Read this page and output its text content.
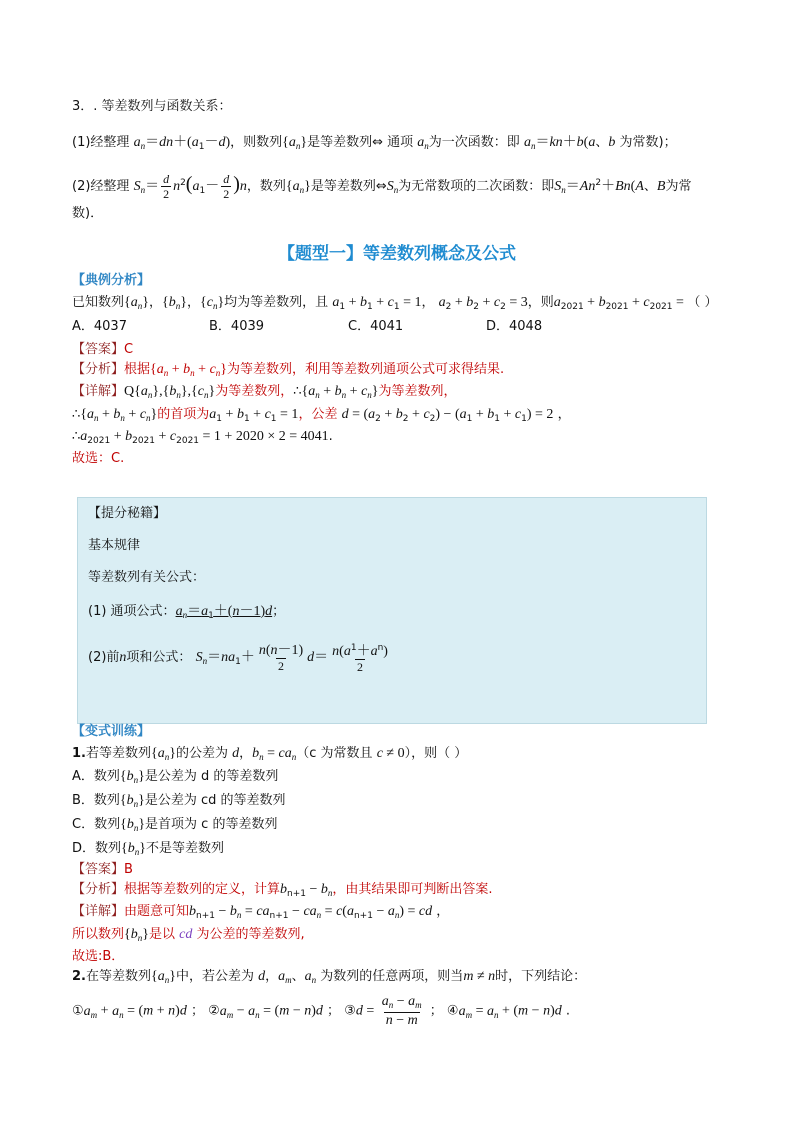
3．. 等差数列与函数关系：
(1)经整理 $a_n=dn+(a_1-d)$，则数列$\{a_n\}$是等差数列⇔ 通项 $a_n$为一次函数：即 $a_n=kn+b(a$、b 为常数)；
(2)经整理 $S_n= \frac{d}{2} n^2(a^1- \frac{d}{2} )n$，数列$\{a_n\}$是等差数列$\Leftrightarrow S_n$为无常数项的二次函数：即$S_n=An^2+Bn(A$、B为常
数)．
【题型一】等差数列概念及公式
【典例分析】
已知数列$\{a_n\}$，$\{b_n\}$，$\{c_n\}$均为等差数列，且 $a_1 + b_1 + c_1 = 1$， $a_2 + b_2 + c_2 = 3$，则$a_{2021} + b_{2021} + c_{2021}$ = （ ）
A．4037	B．4039	C．4041	D．4048
【答案】C
【分析】根据$\{a_n + b_n + c_n\}$为等差数列，利用等差数列通项公式可求得结果.
【详解】$Q\{a_n\},\{b_n\},\{c_n\}$为等差数列，$\therefore\{a_n + b_n + c_n\}$为等差数列，
$\therefore\{a_n + b_n + c_n\}$的首项为$a_1 + b_1 + c_1 = 1$，公差 $d = (a_2 + b_2 + c_2) - (a_1 + b_1 + c_1) = 2$ ，
$\therefore a_{2021} + b_{2021} + c_{2021} = 1 + 2020 \times 2 = 4041$.
故选：C.
【提分秘籍】
基本规律
等差数列有关公式：
(1) 通项公式：$a_n=a_1+(n-1)d$；
(2)前n项和公式： $S_n=na_1+ \frac{n(n-1)}{2} d= \frac{n(a^1+a^n)}{2}$
【变式训练】
1.若等差数列$\{a_n\}$的公差为 d，$b_n = ca_n(c$ 为常数且 c ≠ 0），则（ ）
A．数列$\{b_n\}$是公差为 d 的等差数列
B．数列$\{b_n\}$是公差为 cd 的等差数列
C．数列$\{b_n\}$是首项为 c 的等差数列
D．数列$\{b_n\}$不是等差数列
【答案】B
【分析】根据等差数列的定义，计算$b_{n+1} - b_n$，由其结果即可判断出答案.
【详解】由题意可知$b_{n+1} - b_n = ca_{n+1} - ca_n = c(a_{n+1} - a_n)$ = cd ，
所以数列$\{b_n\}$是以 cd 为公差的等差数列,
故选:B．
2.在等差数列$\{a_n\}$中，若公差为 d，$a_m$、$a_n$ 为数列的任意两项，则当m ≠ n时，下列结论：
$①a_m + a_n = (m + n)d$ ； $②a_m - a_n = (m - n)d$ ； ③d = $\frac{a_n - a_m}{n - m}$ ； $④a_m = a_n + (m - n)d$ .
